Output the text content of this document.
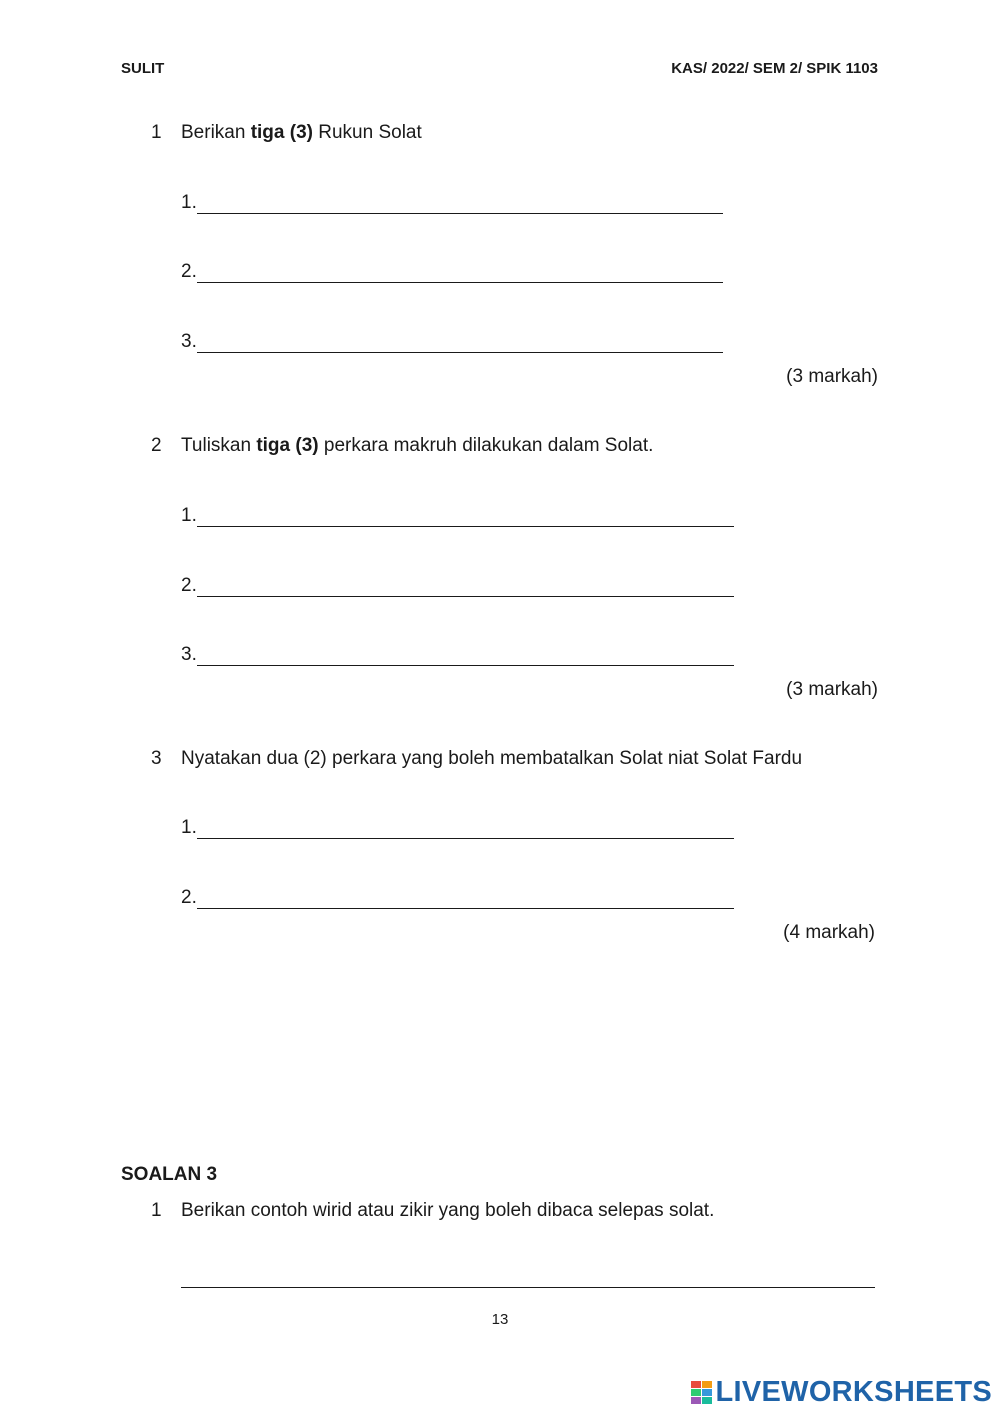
SULIT	KAS/ 2022/ SEM 2/ SPIK 1103
1 Berikan tiga (3) Rukun Solat
1.
2.
3.
(3 markah)
2 Tuliskan tiga (3) perkara makruh dilakukan dalam Solat.
1.
2.
3.
(3 markah)
3 Nyatakan dua (2) perkara yang boleh membatalkan Solat niat Solat Fardu
1.
2.
(4 markah)
SOALAN 3
1 Berikan contoh wirid atau zikir yang boleh dibaca selepas solat.
13
LIVEWORKSHEETS
